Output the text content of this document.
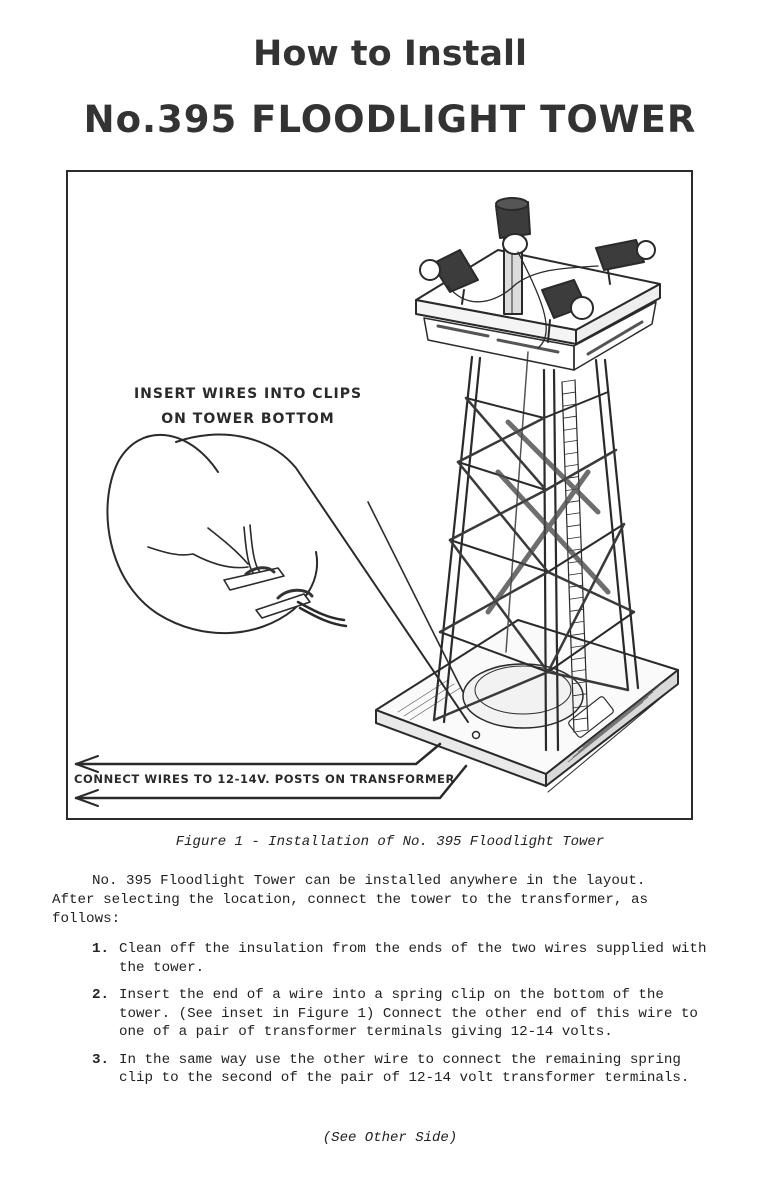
How to Install
No.395 FLOODLIGHT TOWER
INSERT WIRES INTO CLIPS
ON TOWER BOTTOM
CONNECT WIRES TO 12-14V. POSTS ON TRANSFORMER
Figure 1 - Installation of No. 395 Floodlight Tower
No. 395 Floodlight Tower can be installed anywhere in the layout.
After selecting the location, connect the tower to the transformer, as follows:
1. Clean off the insulation from the ends of the two wires supplied with the tower.
2. Insert the end of a wire into a spring clip on the bottom of the tower. (See inset in Figure 1) Connect the other end of this wire to one of a pair of transformer terminals giving 12-14 volts.
3. In the same way use the other wire to connect the remaining spring clip to the second of the pair of 12-14 volt transformer terminals.
(See Other Side)
